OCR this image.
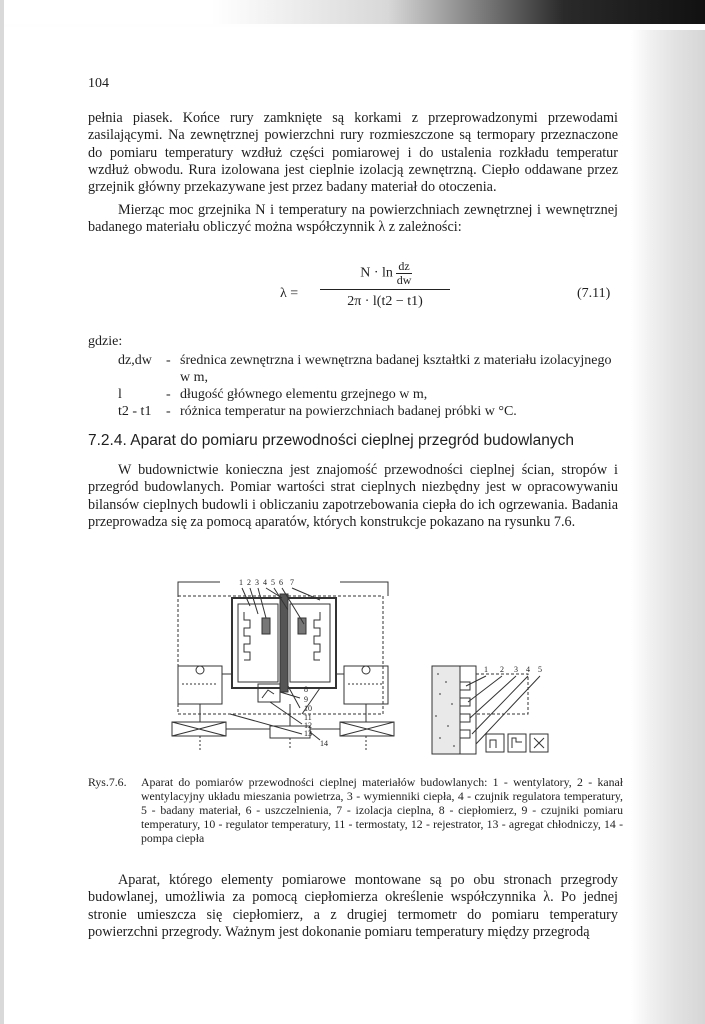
104

pełnia piasek. Końce rury zamknięte są korkami z przeprowadzonymi przewodami zasilającymi. Na zewnętrznej powierzchni rury rozmieszczone są termopary przeznaczone do pomiaru temperatury wzdłuż części pomiarowej i do ustalenia rozkładu temperatur wzdłuż obwodu. Rura izolowana jest cieplnie izolacją zewnętrzną. Ciepło oddawane przez grzejnik główny przekazywane jest przez badany materiał do otoczenia.

Mierząc moc grzejnika N i temperatury na powierzchniach zewnętrznej i wewnętrznej badanego materiału obliczyć można współczynnik λ z zależności:

λ =
$N \cdot \ln \frac{dz}{dw}$
2π · l(t2 − t1)
(7.11)
gdzie:
dz,dw	- średnica zewnętrzna i wewnętrzna badanej kształtki z materiału izolacyjnego w m,
l	- długość głównego elementu grzejnego w m,
t2 - t1	- różnica temperatur na powierzchniach badanej próbki w °C.
7.2.4. Aparat do pomiaru przewodności cieplnej przegród budowlanych

W budownictwie konieczna jest znajomość przewodności cieplnej ścian, stropów i przegród budowlanych. Pomiar wartości strat cieplnych niezbędny jest w opracowywaniu bilansów cieplnych budowli i obliczaniu zapotrzebowania ciepła do ich ogrzewania. Badania przeprowadza się za pomocą aparatów, których konstrukcje pokazano na rysunku 7.6.

1 2 3 4 5 6 7
8
9
10
11
12
13
14
1 2 3 4 5
Rys.7.6. Aparat do pomiarów przewodności cieplnej materiałów budowlanych: 1 - wentylatory, 2 - kanał wentylacyjny układu mieszania powietrza, 3 - wymienniki ciepła, 4 - czujnik regulatora temperatury, 5 - badany materiał, 6 - uszczelnienia, 7 - izolacja cieplna, 8 - ciepłomierz, 9 - czujniki pomiaru temperatury, 10 - regulator temperatury, 11 - termostaty, 12 - rejestrator, 13 - agregat chłodniczy, 14 - pompa ciepła

Aparat, którego elementy pomiarowe montowane są po obu stronach przegrody budowlanej, umożliwia za pomocą ciepłomierza określenie współczynnika λ. Po jednej stronie umieszcza się ciepłomierz, a z drugiej termometr do pomiaru temperatury powierzchni przegrody. Ważnym jest dokonanie pomiaru temperatury między przegrodą
